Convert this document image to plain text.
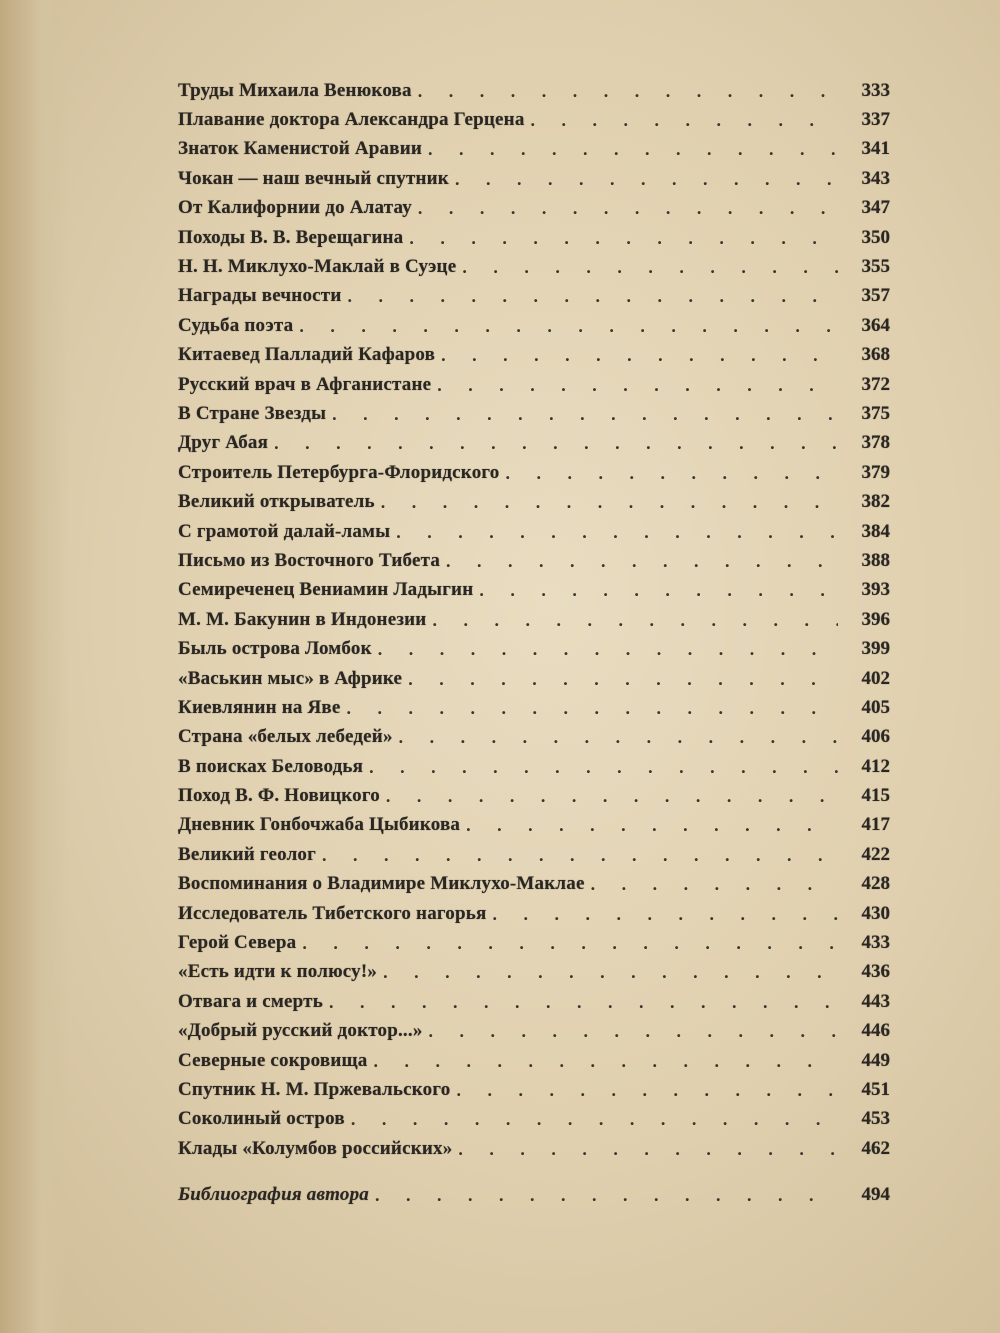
Труды Михаила Венюкова . . .	333
Плавание доктора Александра Герцена . . .	337
Знаток Каменистой Аравии . . .	341
Чокан — наш вечный спутник . . .	343
От Калифорнии до Алатау . . .	347
Походы В. В. Верещагина . . .	350
Н. Н. Миклухо-Маклай в Суэце . . .	355
Награды вечности . . .	357
Судьба поэта . . .	364
Китаевед Палладий Кафаров . . .	368
Русский врач в Афганистане . . .	372
В Стране Звезды . . .	375
Друг Абая . . .	378
Строитель Петербурга-Флоридского . . .	379
Великий открыватель . . .	382
С грамотой далай-ламы . . .	384
Письмо из Восточного Тибета . . .	388
Семиреченец Вениамин Ладыгин . . .	393
М. М. Бакунин в Индонезии . . .	396
Быль острова Ломбок . . .	399
«Васькин мыс» в Африке . . .	402
Киевлянин на Яве . . .	405
Страна «белых лебедей» . . .	406
В поисках Беловодья . . .	412
Поход В. Ф. Новицкого . . .	415
Дневник Гонбочжаба Цыбикова . . .	417
Великий геолог . . .	422
Воспоминания о Владимире Миклухо-Маклае . . .	428
Исследователь Тибетского нагорья . . .	430
Герой Севера . . .	433
«Есть идти к полюсу!» . . .	436
Отвага и смерть . . .	443
«Добрый русский доктор...» . . .	446
Северные сокровища . . .	449
Спутник Н. М. Пржевальского . . .	451
Соколиный остров . . .	453
Клады «Колумбов российских» . . .	462
Библиография автора . . .	494
